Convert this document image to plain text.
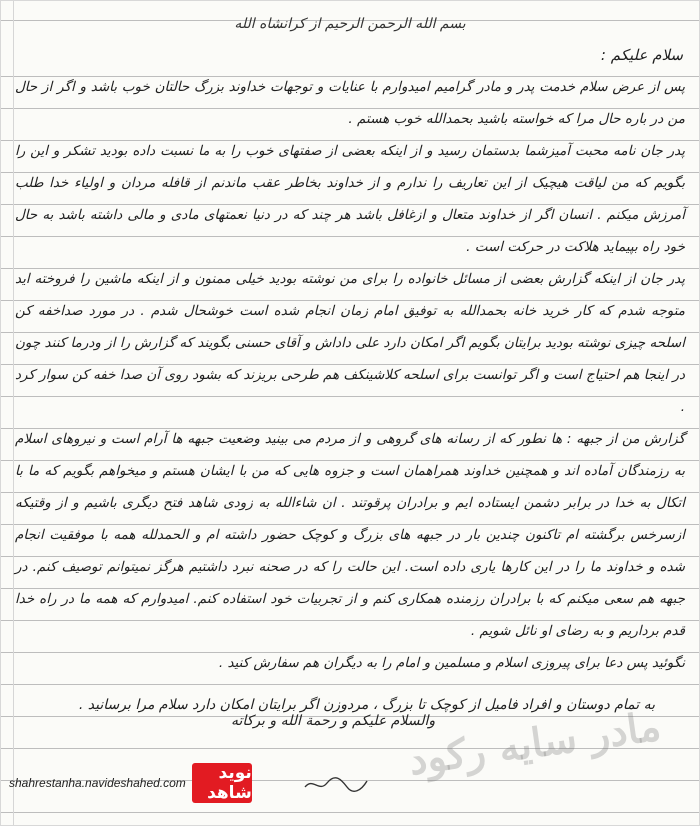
بسم الله الرحمن الرحیم از کرانشاه الله
سلام علیکم :

پس از عرض سلام خدمت پدر و مادر گرامیم امیدوارم با عنایات و توجهات خداوند بزرگ حالتان خوب باشد و اگر از حال من در باره حال مرا که خواسته باشید بحمدالله خوب هستم .

پدر جان نامه محبت آمیزشما بدستمان رسید و از اینکه بعضی از صفتهای خوب را به ما نسبت داده بودید تشکر و این را بگویم که من لیاقت هیچیک از این تعاریف را ندارم و از خداوند بخاطر عقب ماندنم از قافله مردان و اولیاء خدا طلب آمرزش میکنم . انسان اگر از خداوند متعال و ازغافل باشد هر چند که در دنیا نعمتهای مادی و مالی داشته باشد به حال خود راه بپیماید هلاکت در حرکت است .

پدر جان از اینکه گزارش بعضی از مسائل خانواده را برای من نوشته بودید خیلی ممنون و از اینکه ماشین را فروخته اید متوجه شدم که کار خرید خانه بحمدالله به توفیق امام زمان انجام شده است خوشحال شدم . در مورد صداخفه کن اسلحه چیزی نوشته بودید برایتان بگویم اگر امکان دارد علی داداش و آقای حسنی بگویند که گزارش را از ودرما کنند چون در اینجا هم احتیاج است و اگر توانست برای اسلحه کلاشینکف هم طرحی بریزند که بشود روی آن صدا خفه کن سوار کرد .

گزارش من از جبهه : ها نطور که از رسانه های گروهی و از مردم می بینید وضعیت جبهه ها آرام است و نیروهای اسلام به رزمندگان آماده اند و همچنین خداوند همراهمان است و جزوه هایی که من با ایشان هستم و میخواهم بگویم که ما با اتکال به خدا در برابر دشمن ایستاده ایم و برادران پرقوتند . ان شاءالله به زودی شاهد فتح دیگری باشیم و از وقتیکه ازسرخس برگشته ام تاکنون چندین بار در جبهه های بزرگ و کوچک حضور داشته ام و الحمدلله همه با موفقیت انجام شده و خداوند ما را در این کارها یاری داده است. این حالت را که در صحنه نبرد داشتیم هرگز نمیتوانم توصیف کنم. در جبهه هم سعی میکنم که با برادران رزمنده همکاری کنم و از تجربیات خود استفاده کنم. امیدوارم که همه ما در راه خدا قدم برداریم و به رضای او نائل شویم .

نگوئید پس دعا برای پیروزی اسلام و مسلمین و امام را به دیگران هم سفارش کنید .

به تمام دوستان و افراد فامیل از کوچک تا بزرگ ، مردوزن اگر برایتان امکان دارد سلام مرا برسانید .
والسلام علیکم و رحمة الله و برکاته
مادر سایه رکود
نوید شاهد
shahrestanha.navideshahed.com
